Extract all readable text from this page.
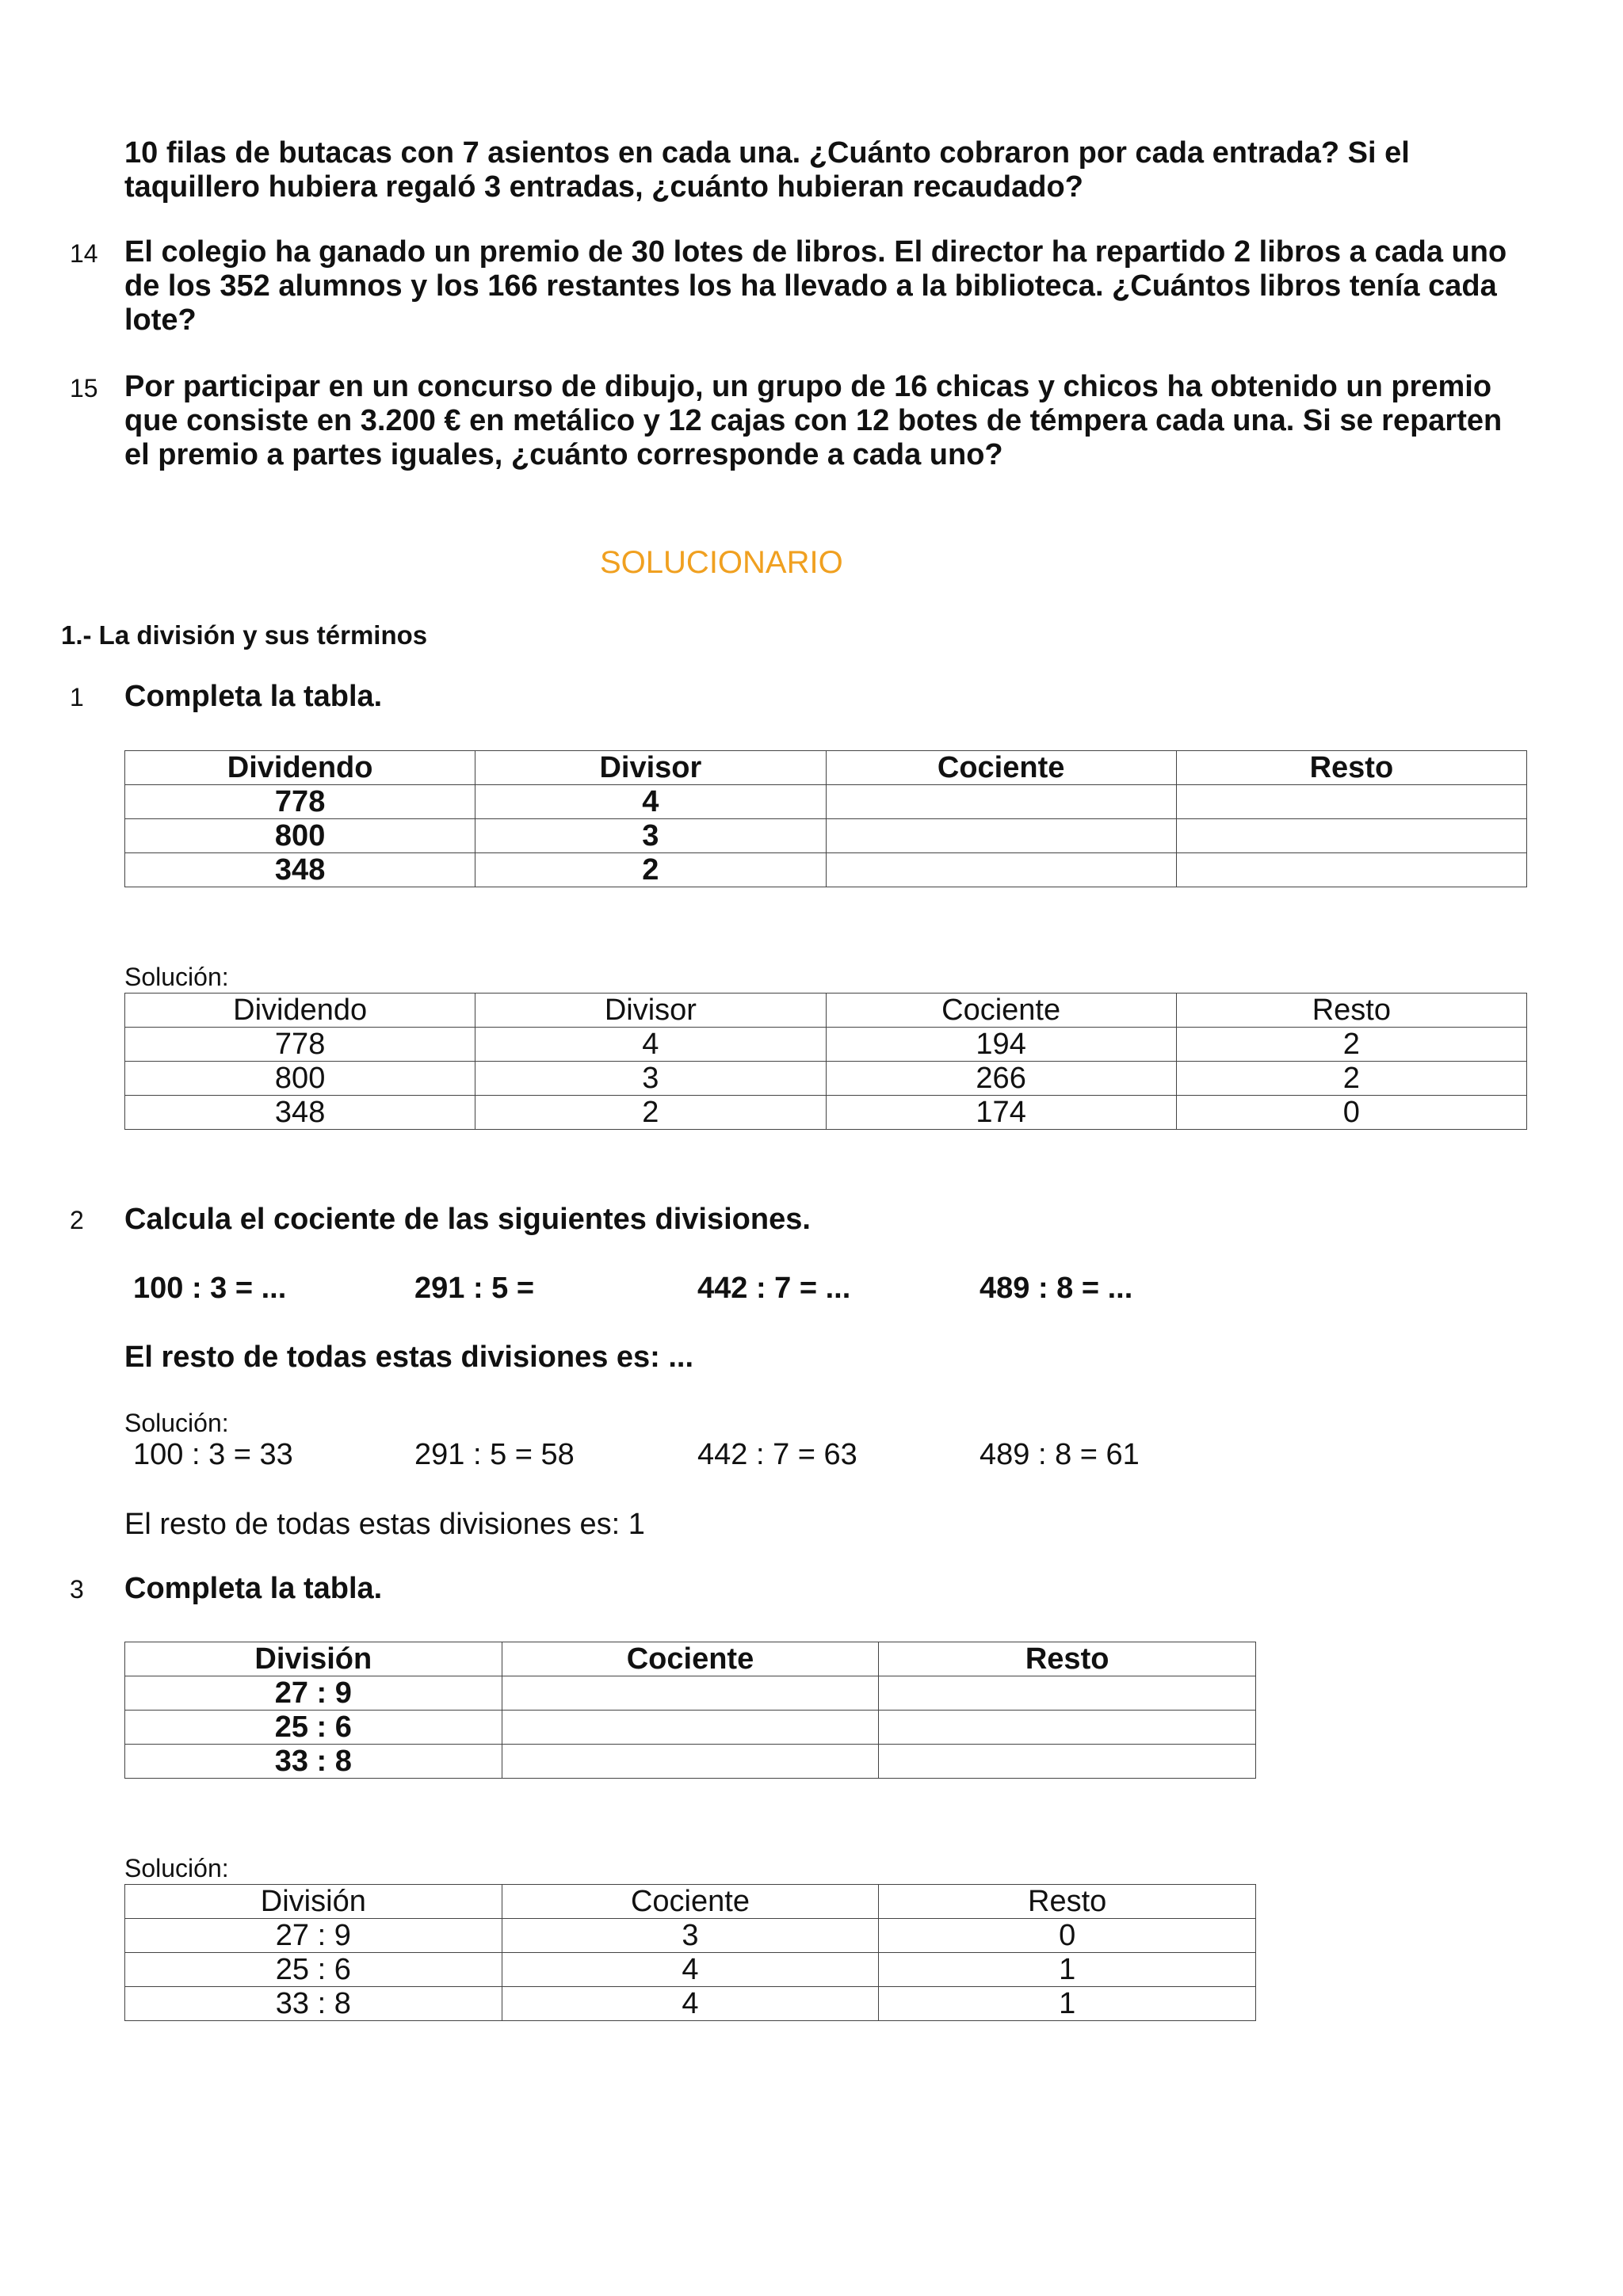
10 filas de butacas con 7 asientos en cada una. ¿Cuánto cobraron por cada entrada? Si el taquillero hubiera regaló 3 entradas, ¿cuánto hubieran recaudado?
14 El colegio ha ganado un premio de 30 lotes de libros. El director ha repartido 2 libros a cada uno de los 352 alumnos y los 166 restantes los ha llevado a la biblioteca. ¿Cuántos libros tenía cada lote?
15 Por participar en un concurso de dibujo, un grupo de 16 chicas y chicos ha obtenido un premio que consiste en 3.200 € en metálico y 12 cajas con 12 botes de témpera cada una. Si se reparten el premio a partes iguales, ¿cuánto corresponde a cada uno?
SOLUCIONARIO
1.- La división y sus términos
1 Completa la tabla.
Dividendo	Divisor	Cociente	Resto
778	4		
800	3		
348	2		
Solución:
Dividendo	Divisor	Cociente	Resto
778	4	194	2
800	3	266	2
348	2	174	0
2 Calcula el cociente de las siguientes divisiones.
100 : 3 = ...	291 : 5 =	442 : 7 = ...	489 : 8 = ...
El resto de todas estas divisiones es: ...
Solución:
100 : 3 = 33	291 : 5 = 58	442 : 7 = 63	489 : 8 = 61
El resto de todas estas divisiones es: 1
3 Completa la tabla.
División	Cociente	Resto
27 : 9		
25 : 6		
33 : 8		
Solución:
División	Cociente	Resto
27 : 9	3	0
25 : 6	4	1
33 : 8	4	1
